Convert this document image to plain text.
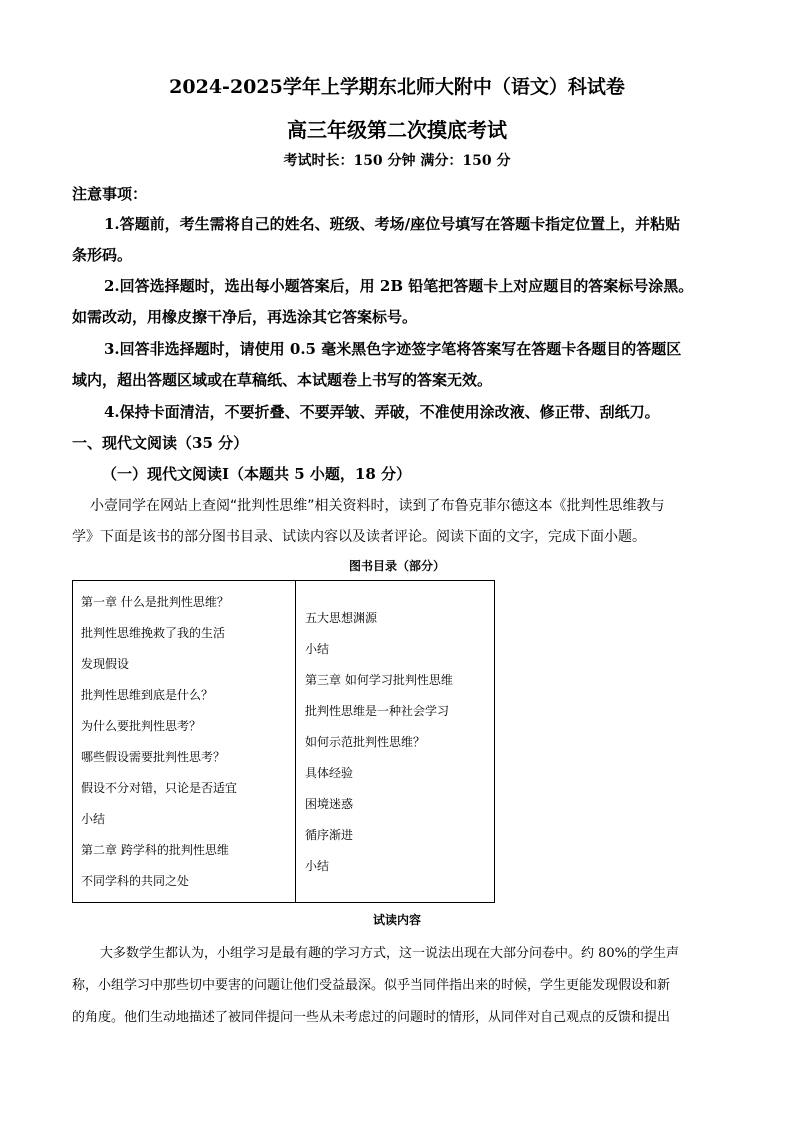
2024-2025学年上学期东北师大附中（语文）科试卷
高三年级第二次摸底考试
考试时长：150 分钟 满分：150 分
注意事项：
1.答题前，考生需将自己的姓名、班级、考场/座位号填写在答题卡指定位置上，并粘贴
条形码。
2.回答选择题时，选出每小题答案后，用 2B 铅笔把答题卡上对应题目的答案标号涂黑。
如需改动，用橡皮擦干净后，再选涂其它答案标号。
3.回答非选择题时，请使用 0.5 毫米黑色字迹签字笔将答案写在答题卡各题目的答题区
域内，超出答题区域或在草稿纸、本试题卷上书写的答案无效。
4.保持卡面清洁，不要折叠、不要弄皱、弄破，不准使用涂改液、修正带、刮纸刀。
一、现代文阅读（35 分）
（一）现代文阅读Ⅰ（本题共 5 小题，18 分）
小壹同学在网站上查阅“批判性思维”相关资料时，读到了布鲁克菲尔德这本《批判性思维教与
学》下面是该书的部分图书目录、试读内容以及读者评论。阅读下面的文字，完成下面小题。
图书目录（部分）
第一章 什么是批判性思维？
批判性思维挽救了我的生活
发现假设
批判性思维到底是什么？
为什么要批判性思考？
哪些假设需要批判性思考？
假设不分对错，只论是否适宜
小结
第二章 跨学科的批判性思维
不同学科的共同之处
五大思想渊源
小结
第三章 如何学习批判性思维
批判性思维是一种社会学习
如何示范批判性思维？
具体经验
困境迷惑
循序渐进
小结
试读内容
大多数学生都认为，小组学习是最有趣的学习方式，这一说法出现在大部分问卷中。约 80%的学生声
称，小组学习中那些切中要害的问题让他们受益最深。似乎当同伴指出来的时候，学生更能发现假设和新
的角度。他们生动地描述了被同伴提问一些从未考虑过的问题时的情形，从同伴对自己观点的反馈和提出
